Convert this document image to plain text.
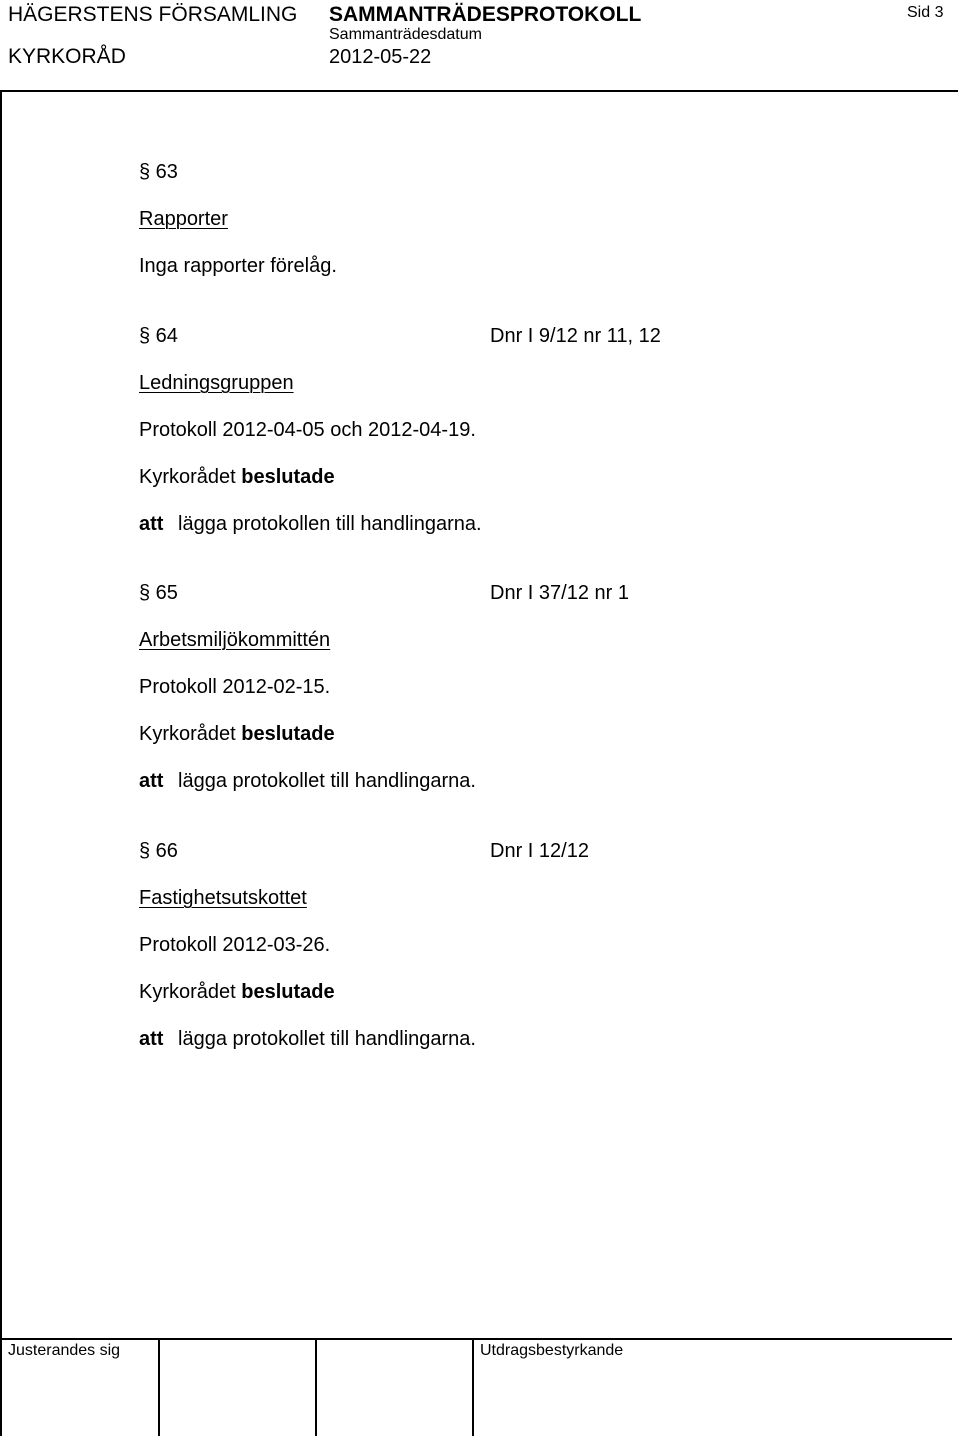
HÄGERSTENS FÖRSAMLING
KYRKORÅD
SAMMANTRÄDESPROTOKOLL
Sammanträdesdatum
2012-05-22
Sid 3
§ 63
Rapporter
Inga rapporter förelåg.
§ 64	Dnr I 9/12 nr 11, 12
Ledningsgruppen
Protokoll 2012-04-05 och 2012-04-19.
Kyrkorådet beslutade
att lägga protokollen till handlingarna.
§ 65	Dnr I 37/12 nr 1
Arbetsmiljökommittén
Protokoll 2012-02-15.
Kyrkorådet beslutade
att lägga protokollet till handlingarna.
§ 66	Dnr I 12/12
Fastighetsutskottet
Protokoll 2012-03-26.
Kyrkorådet beslutade
att lägga protokollet till handlingarna.
Justerandes sig	Utdragsbestyrkande
